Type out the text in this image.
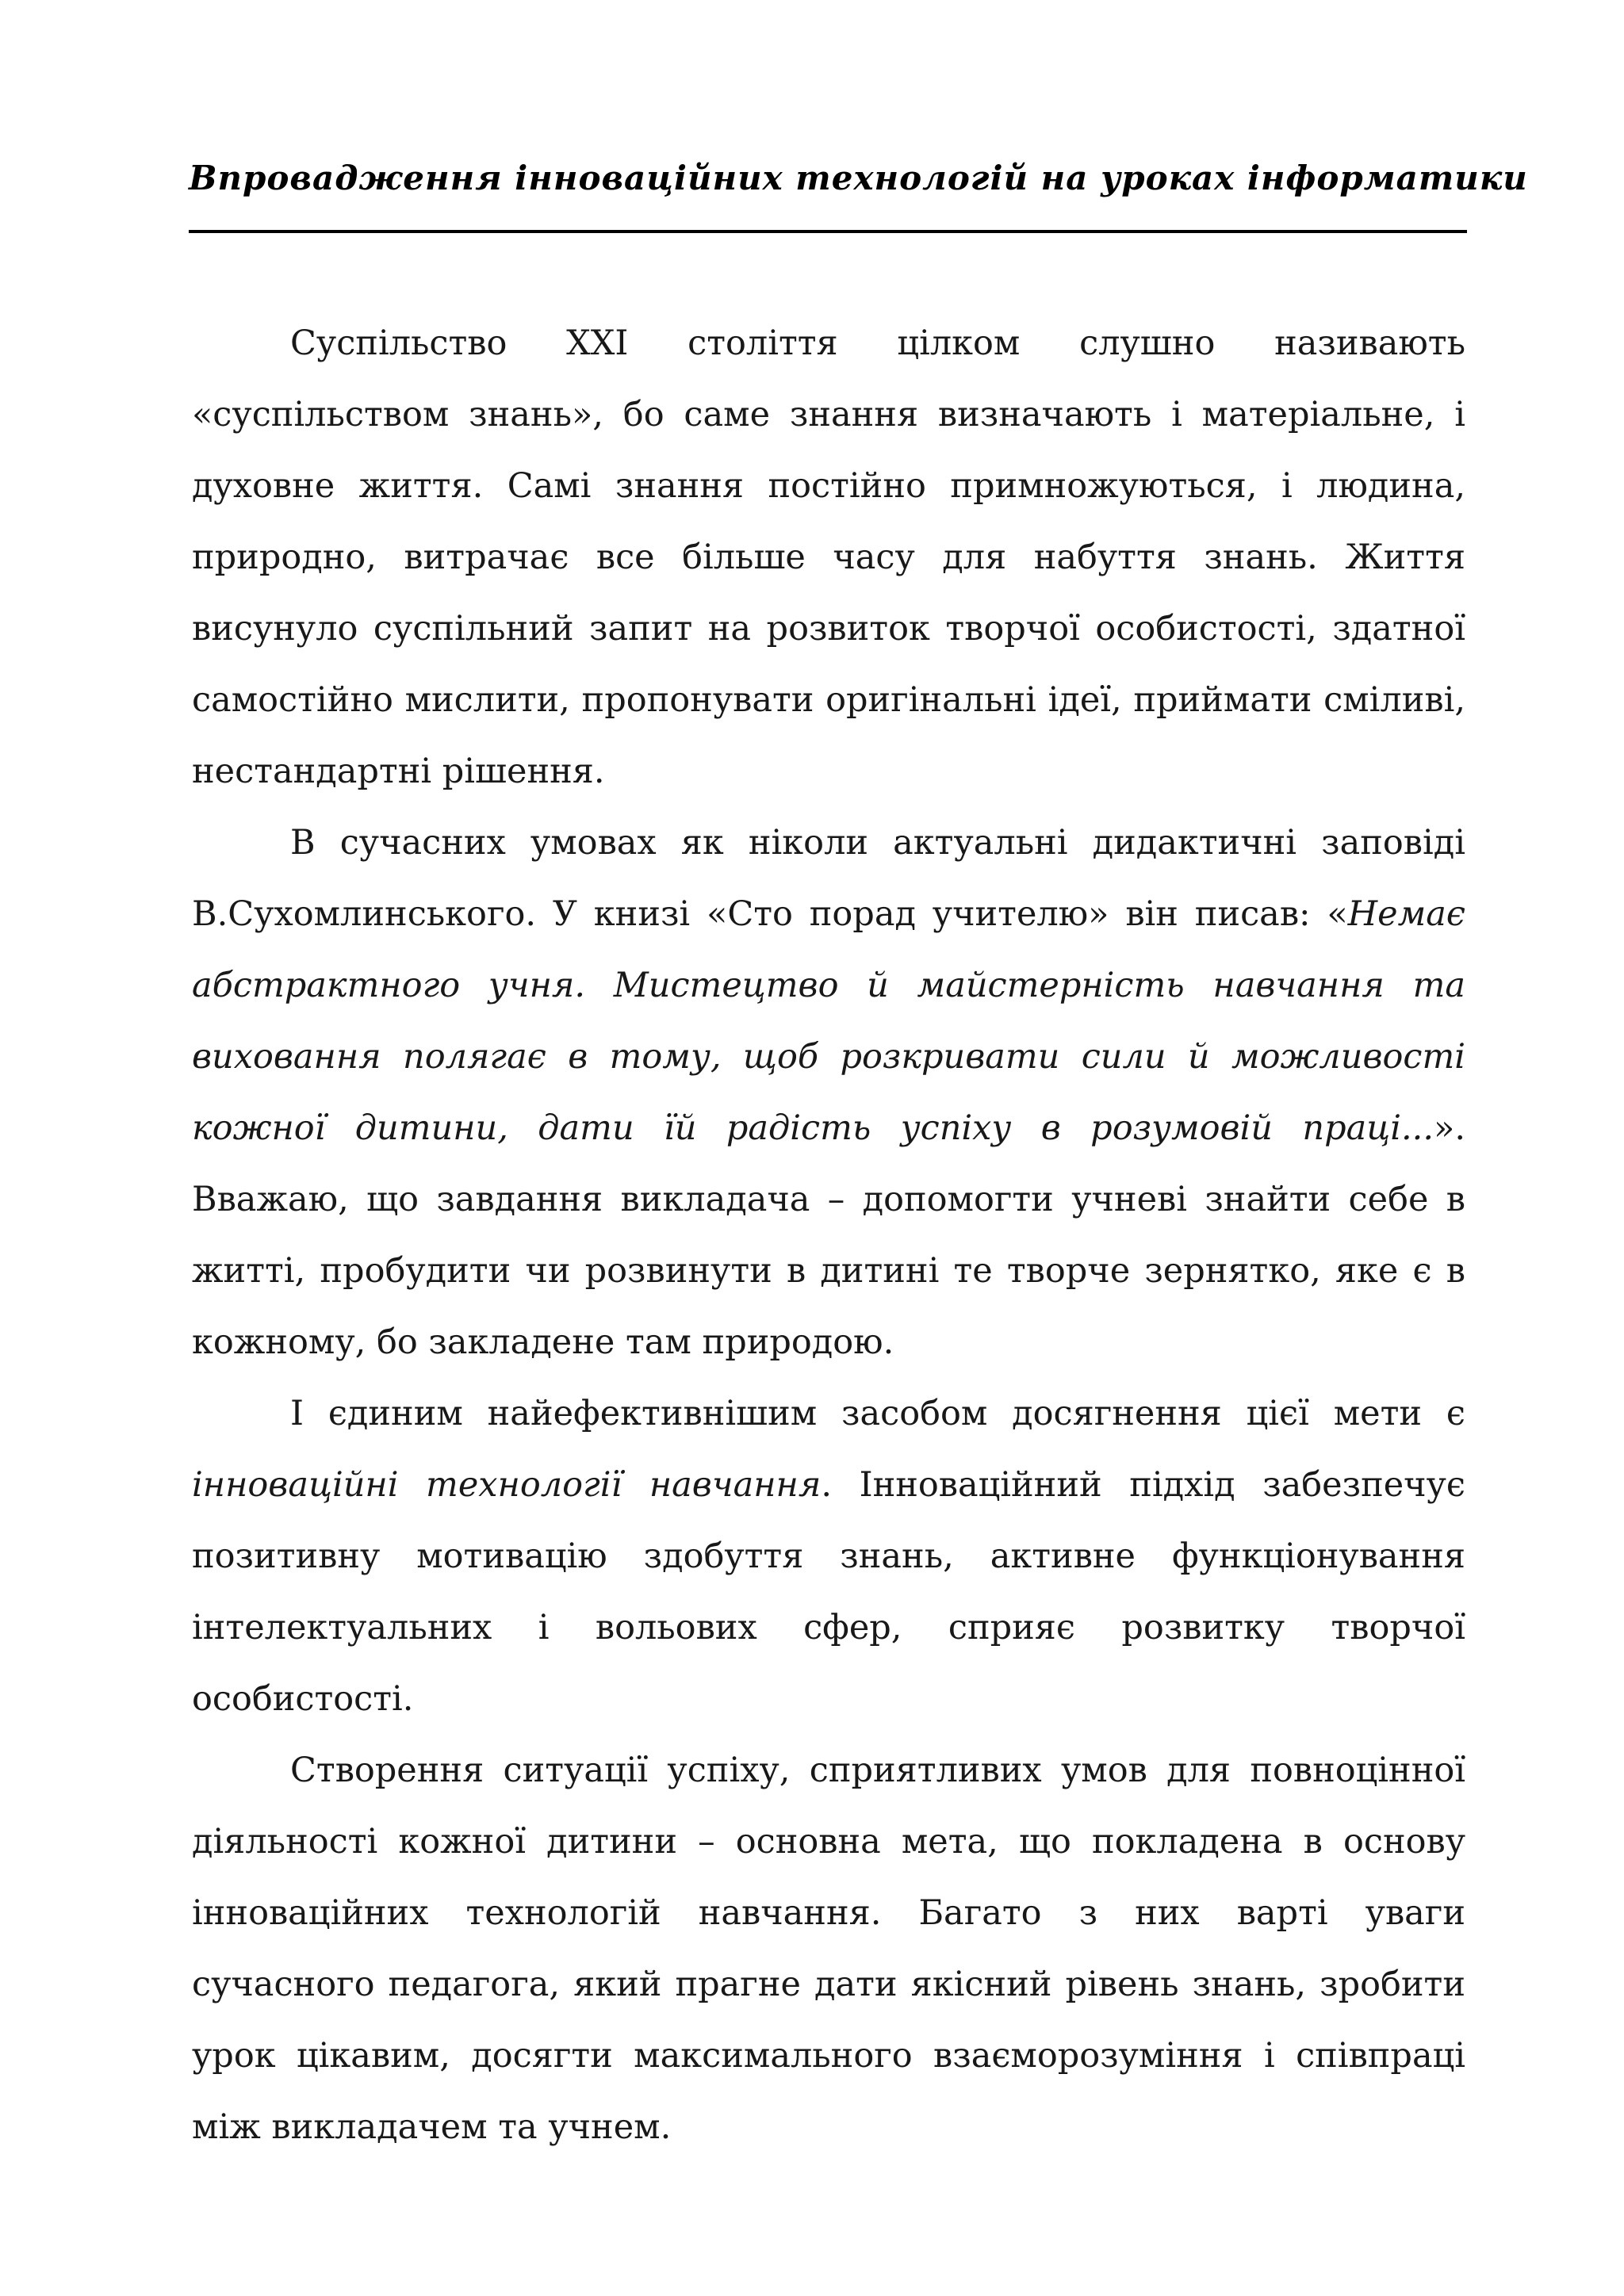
Впровадження інноваційних технологій на уроках інформатики

Суспільство XXI століття цілком слушно називають «суспільством знань», бо саме знання визначають і матеріальне, і духовне життя. Самі знання постійно примножуються, і людина, природно, витрачає все більше часу для набуття знань. Життя висунуло суспільний запит на розвиток творчої особистості, здатної самостійно мислити, пропонувати оригінальні ідеї, приймати сміливі, нестандартні рішення.

В сучасних умовах як ніколи актуальні дидактичні заповіді В.Сухомлинського. У книзі «Сто порад учителю» він писав: «Немає абстрактного учня. Мистецтво й майстерність навчання та виховання полягає в тому, щоб розкривати сили й можливості кожної дитини, дати їй радість успіху в розумовій праці...». Вважаю, що завдання викладача – допомогти учневі знайти себе в житті, пробудити чи розвинути в дитині те творче зернятко, яке є в кожному, бо закладене там природою.

І єдиним найефективнішим засобом досягнення цієї мети є інноваційні технології навчання. Інноваційний підхід забезпечує позитивну мотивацію здобуття знань, активне функціонування інтелектуальних і вольових сфер, сприяє розвитку творчої особистості.

Створення ситуації успіху, сприятливих умов для повноцінної діяльності кожної дитини – основна мета, що покладена в основу інноваційних технологій навчання. Багато з них варті уваги сучасного педагога, який прагне дати якісний рівень знань, зробити урок цікавим, досягти максимального взаєморозуміння і співпраці між викладачем та учнем.
